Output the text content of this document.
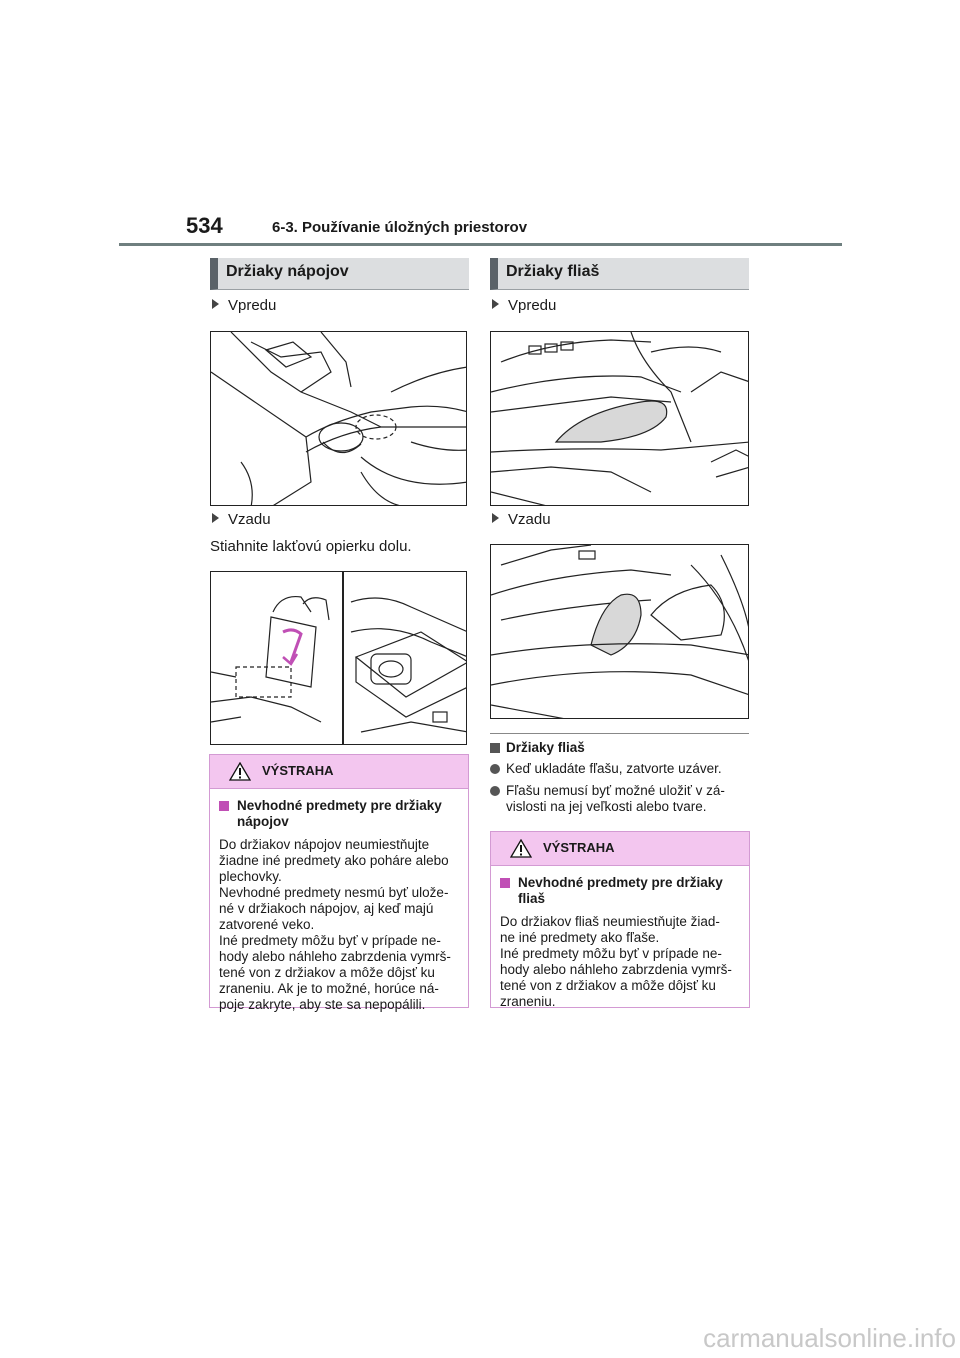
534	6-3. Používanie úložných priestorov
Držiaky nápojov
Vpredu
Vzadu
Stiahnite lakťovú opierku dolu.
VÝSTRAHA
Nevhodné predmety pre držiaky
nápojov
Do držiakov nápojov neumiestňujte
žiadne iné predmety ako poháre alebo
plechovky.
Nevhodné predmety nesmú byť ulože-
né v držiakoch nápojov, aj keď majú
zatvorené veko.
Iné predmety môžu byť v prípade ne-
hody alebo náhleho zabrzdenia vymrš-
tené von z držiakov a môže dôjsť ku
zraneniu. Ak je to možné, horúce ná-
poje zakryte, aby ste sa nepopálili.
Držiaky fliaš
Vpredu
Vzadu
Držiaky fliaš
Keď ukladáte fľašu, zatvorte uzáver.
Fľašu nemusí byť možné uložiť v zá-
vislosti na jej veľkosti alebo tvare.
VÝSTRAHA
Nevhodné predmety pre držiaky
fliaš
Do držiakov fliaš neumiestňujte žiad-
ne iné predmety ako fľaše.
Iné predmety môžu byť v prípade ne-
hody alebo náhleho zabrzdenia vymrš-
tené von z držiakov a môže dôjsť ku
zraneniu.
carmanualsonline.info
